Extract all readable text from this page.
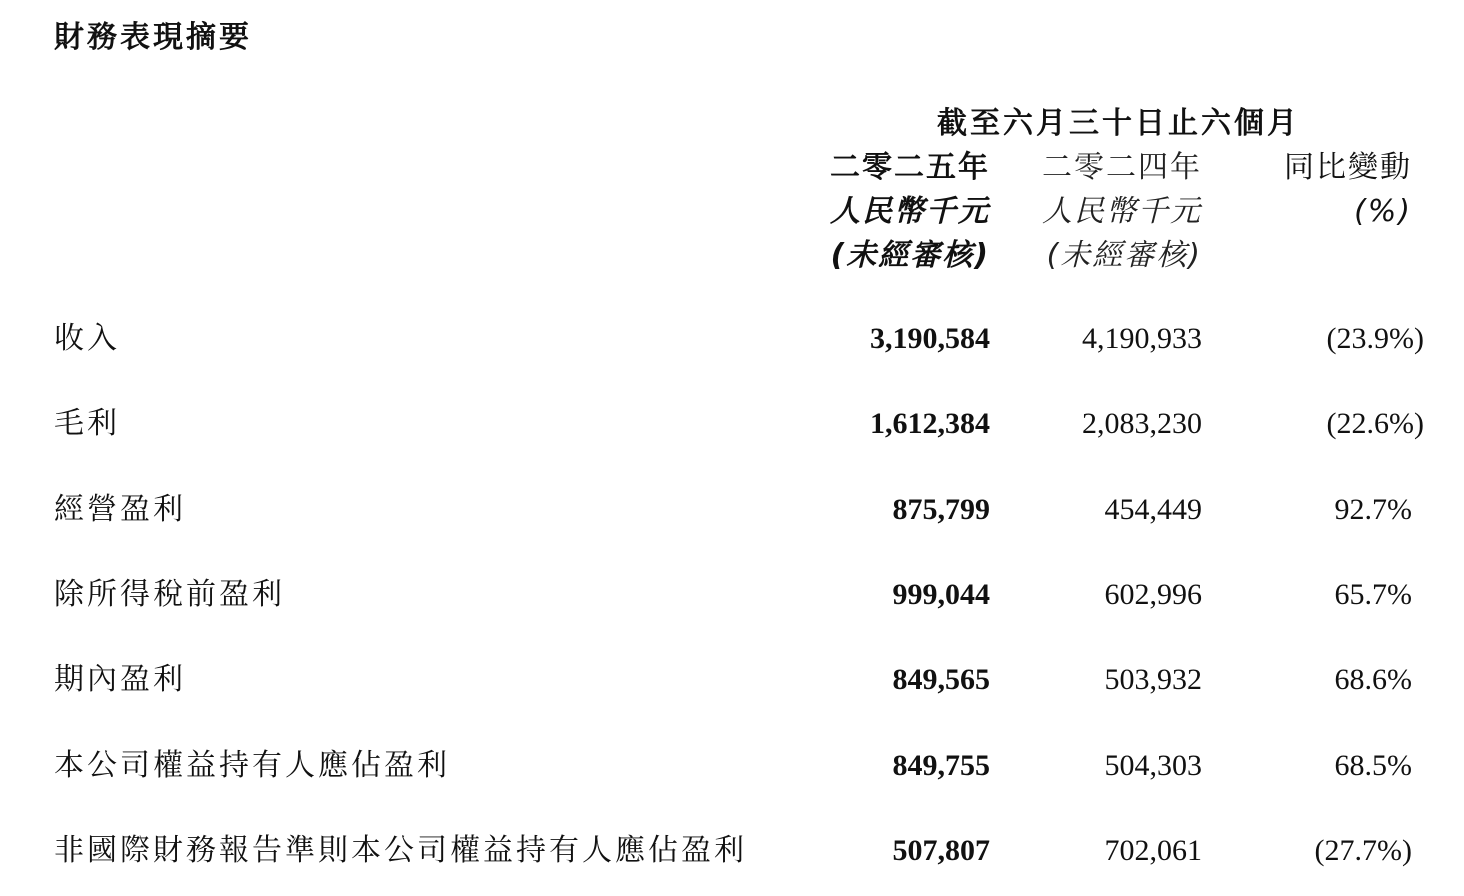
財務表現摘要
截至六月三十日止六個月
二零二五年
人民幣千元
(未經審核)
二零二四年
人民幣千元
(未經審核)
同比變動
(%)
收入	3,190,584	4,190,933	(23.9%)
毛利	1,612,384	2,083,230	(22.6%)
經營盈利	875,799	454,449	92.7%
除所得稅前盈利	999,044	602,996	65.7%
期內盈利	849,565	503,932	68.6%
本公司權益持有人應佔盈利	849,755	504,303	68.5%
非國際財務報告準則本公司權益持有人應佔盈利	507,807	702,061	(27.7%)
